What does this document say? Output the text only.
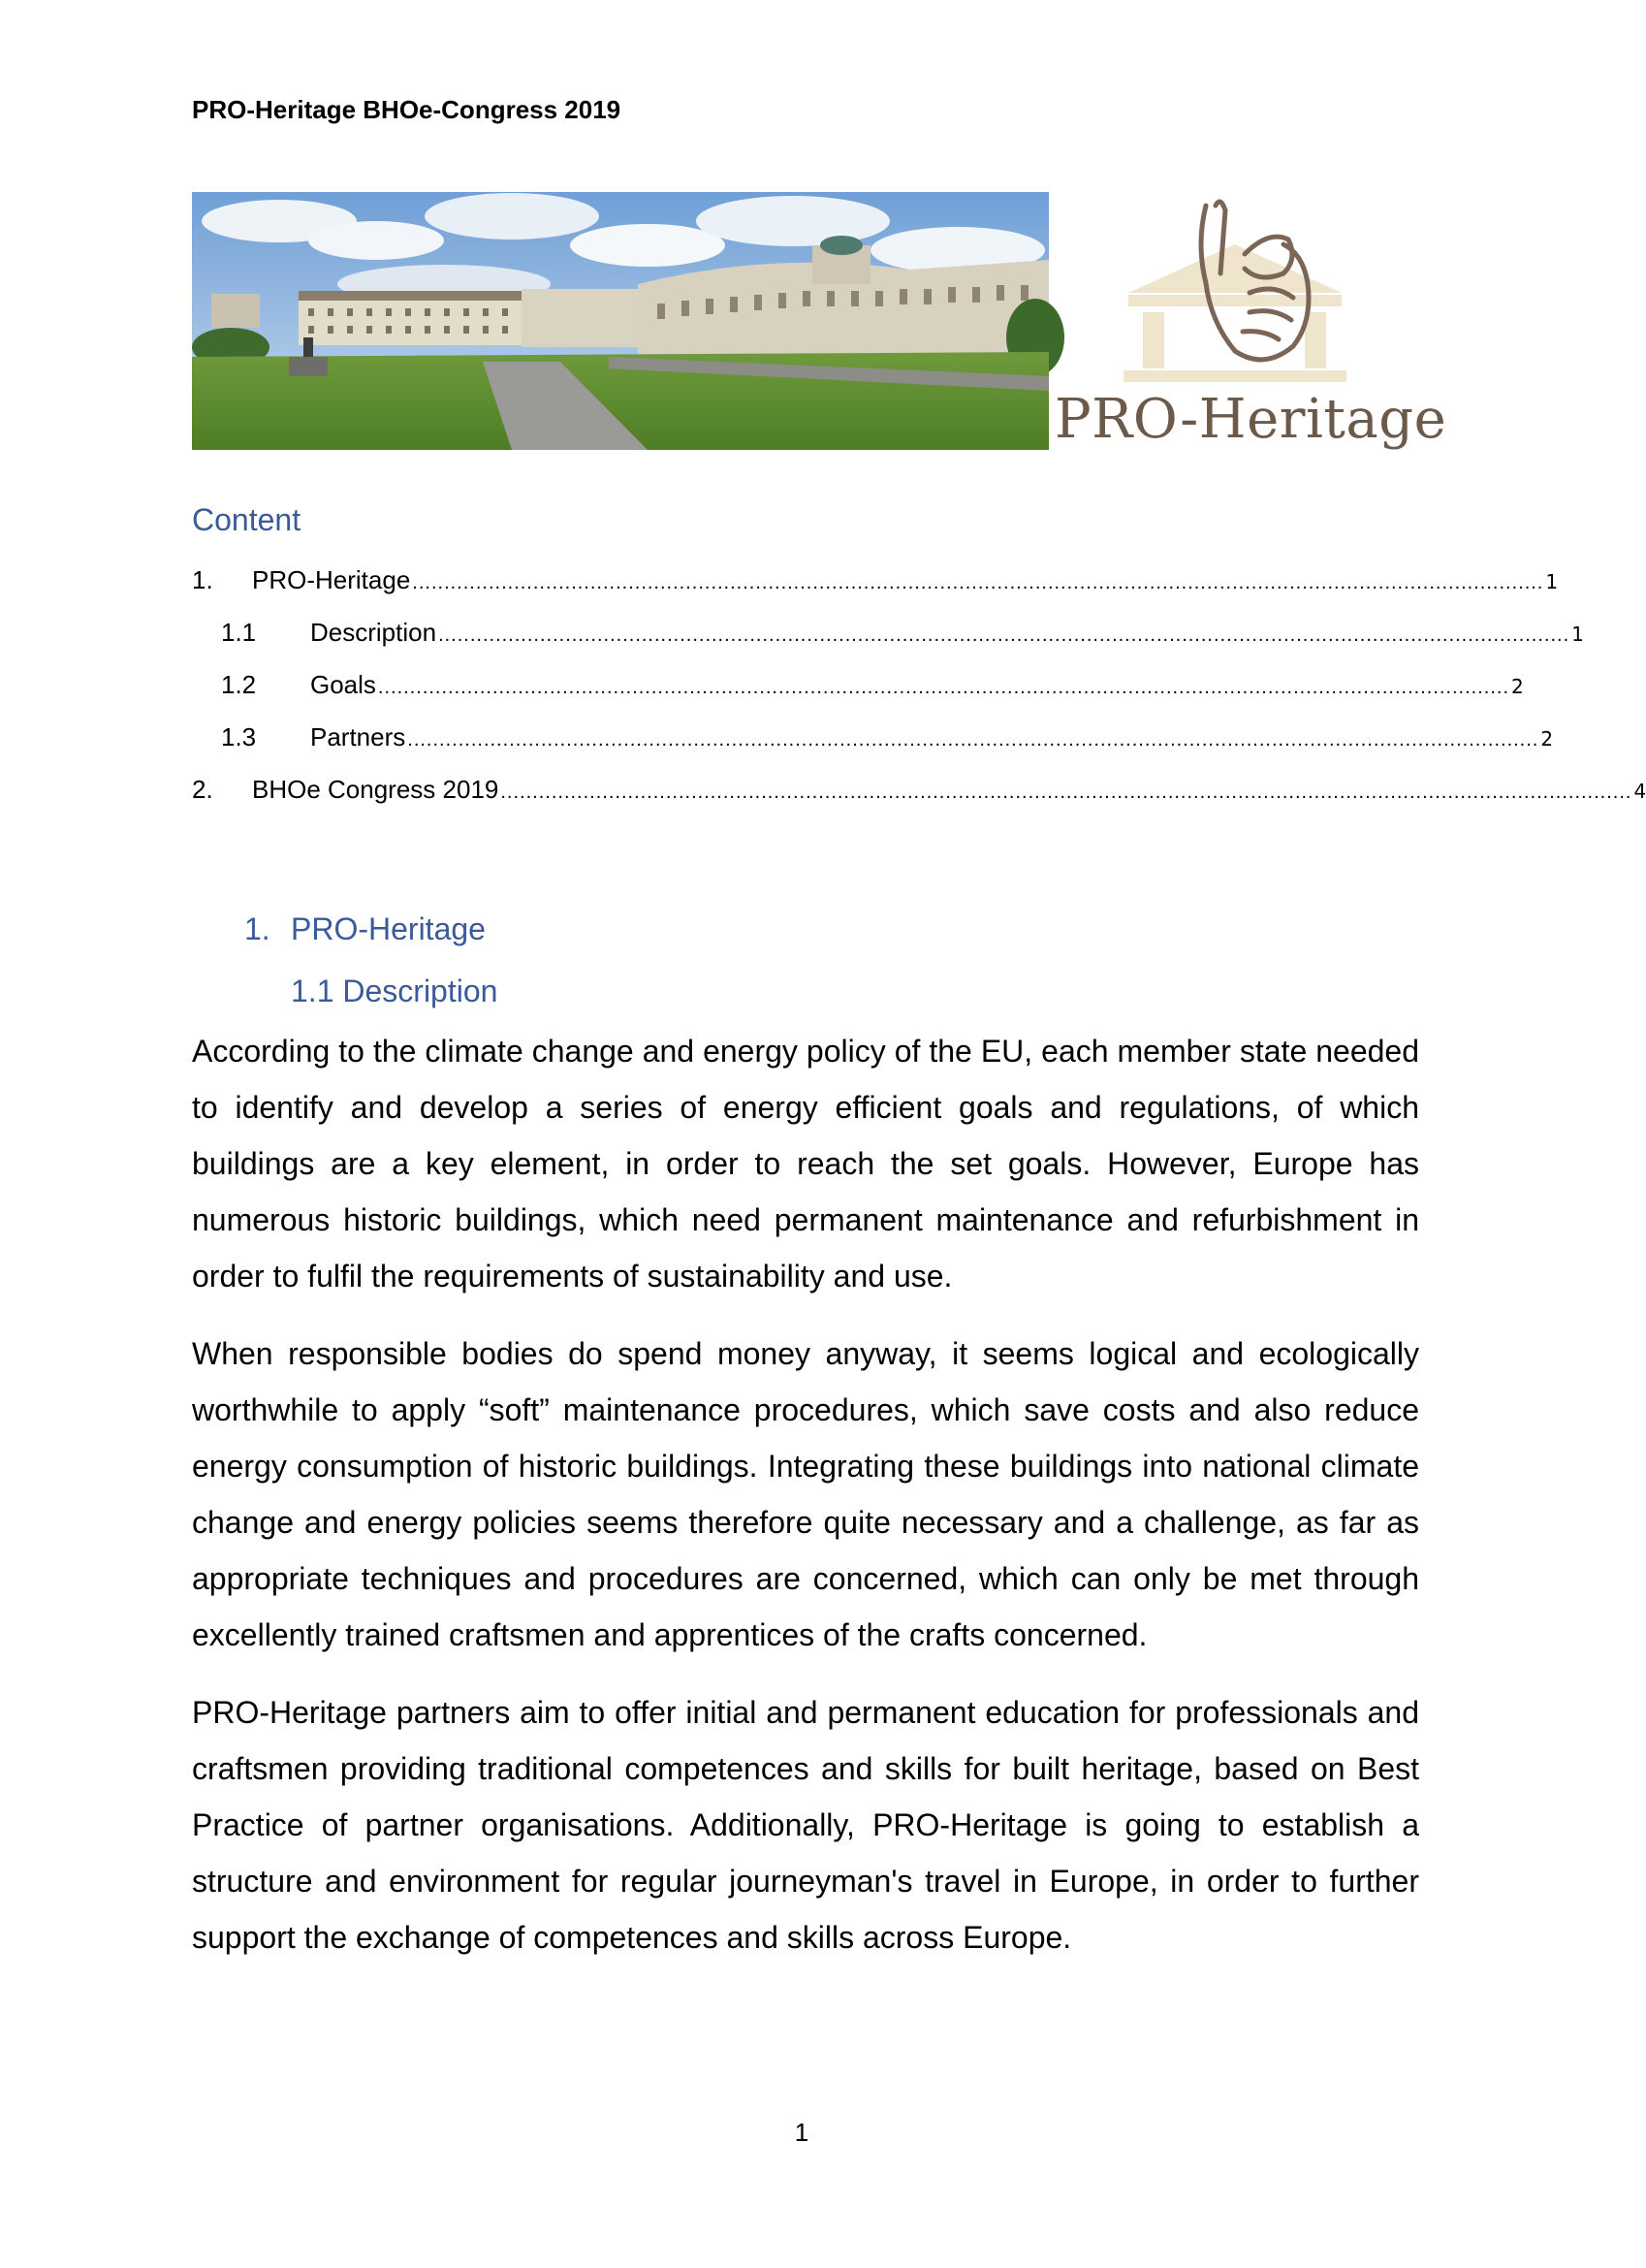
PRO-Heritage BHOe-Congress 2019
PRO-Heritage
Content
1.	PRO-Heritage .................................................................................................................................................................................. 1
1.1	Description .................................................................................................................................................................................. 1
1.2	Goals .................................................................................................................................................................................. 2
1.3	Partners .................................................................................................................................................................................. 2
2.	BHOe Congress 2019 .................................................................................................................................................................................. 4
1. PRO-Heritage
1.1 Description

According to the climate change and energy policy of the EU, each member state needed to identify and develop a series of energy efficient goals and regulations, of which buildings are a key element, in order to reach the set goals. However, Europe has numerous historic buildings, which need permanent maintenance and refurbishment in order to fulfil the requirements of sustainability and use.

When responsible bodies do spend money anyway, it seems logical and ecologically worthwhile to apply “soft” maintenance procedures, which save costs and also reduce energy consumption of historic buildings. Integrating these buildings into national climate change and energy policies seems therefore quite necessary and a challenge, as far as appropriate techniques and procedures are concerned, which can only be met through excellently trained craftsmen and apprentices of the crafts concerned.

PRO-Heritage partners aim to offer initial and permanent education for professionals and craftsmen providing traditional competences and skills for built heritage, based on Best Practice of partner organisations. Additionally, PRO-Heritage is going to establish a structure and environment for regular journeyman's travel in Europe, in order to further support the exchange of competences and skills across Europe.

1
